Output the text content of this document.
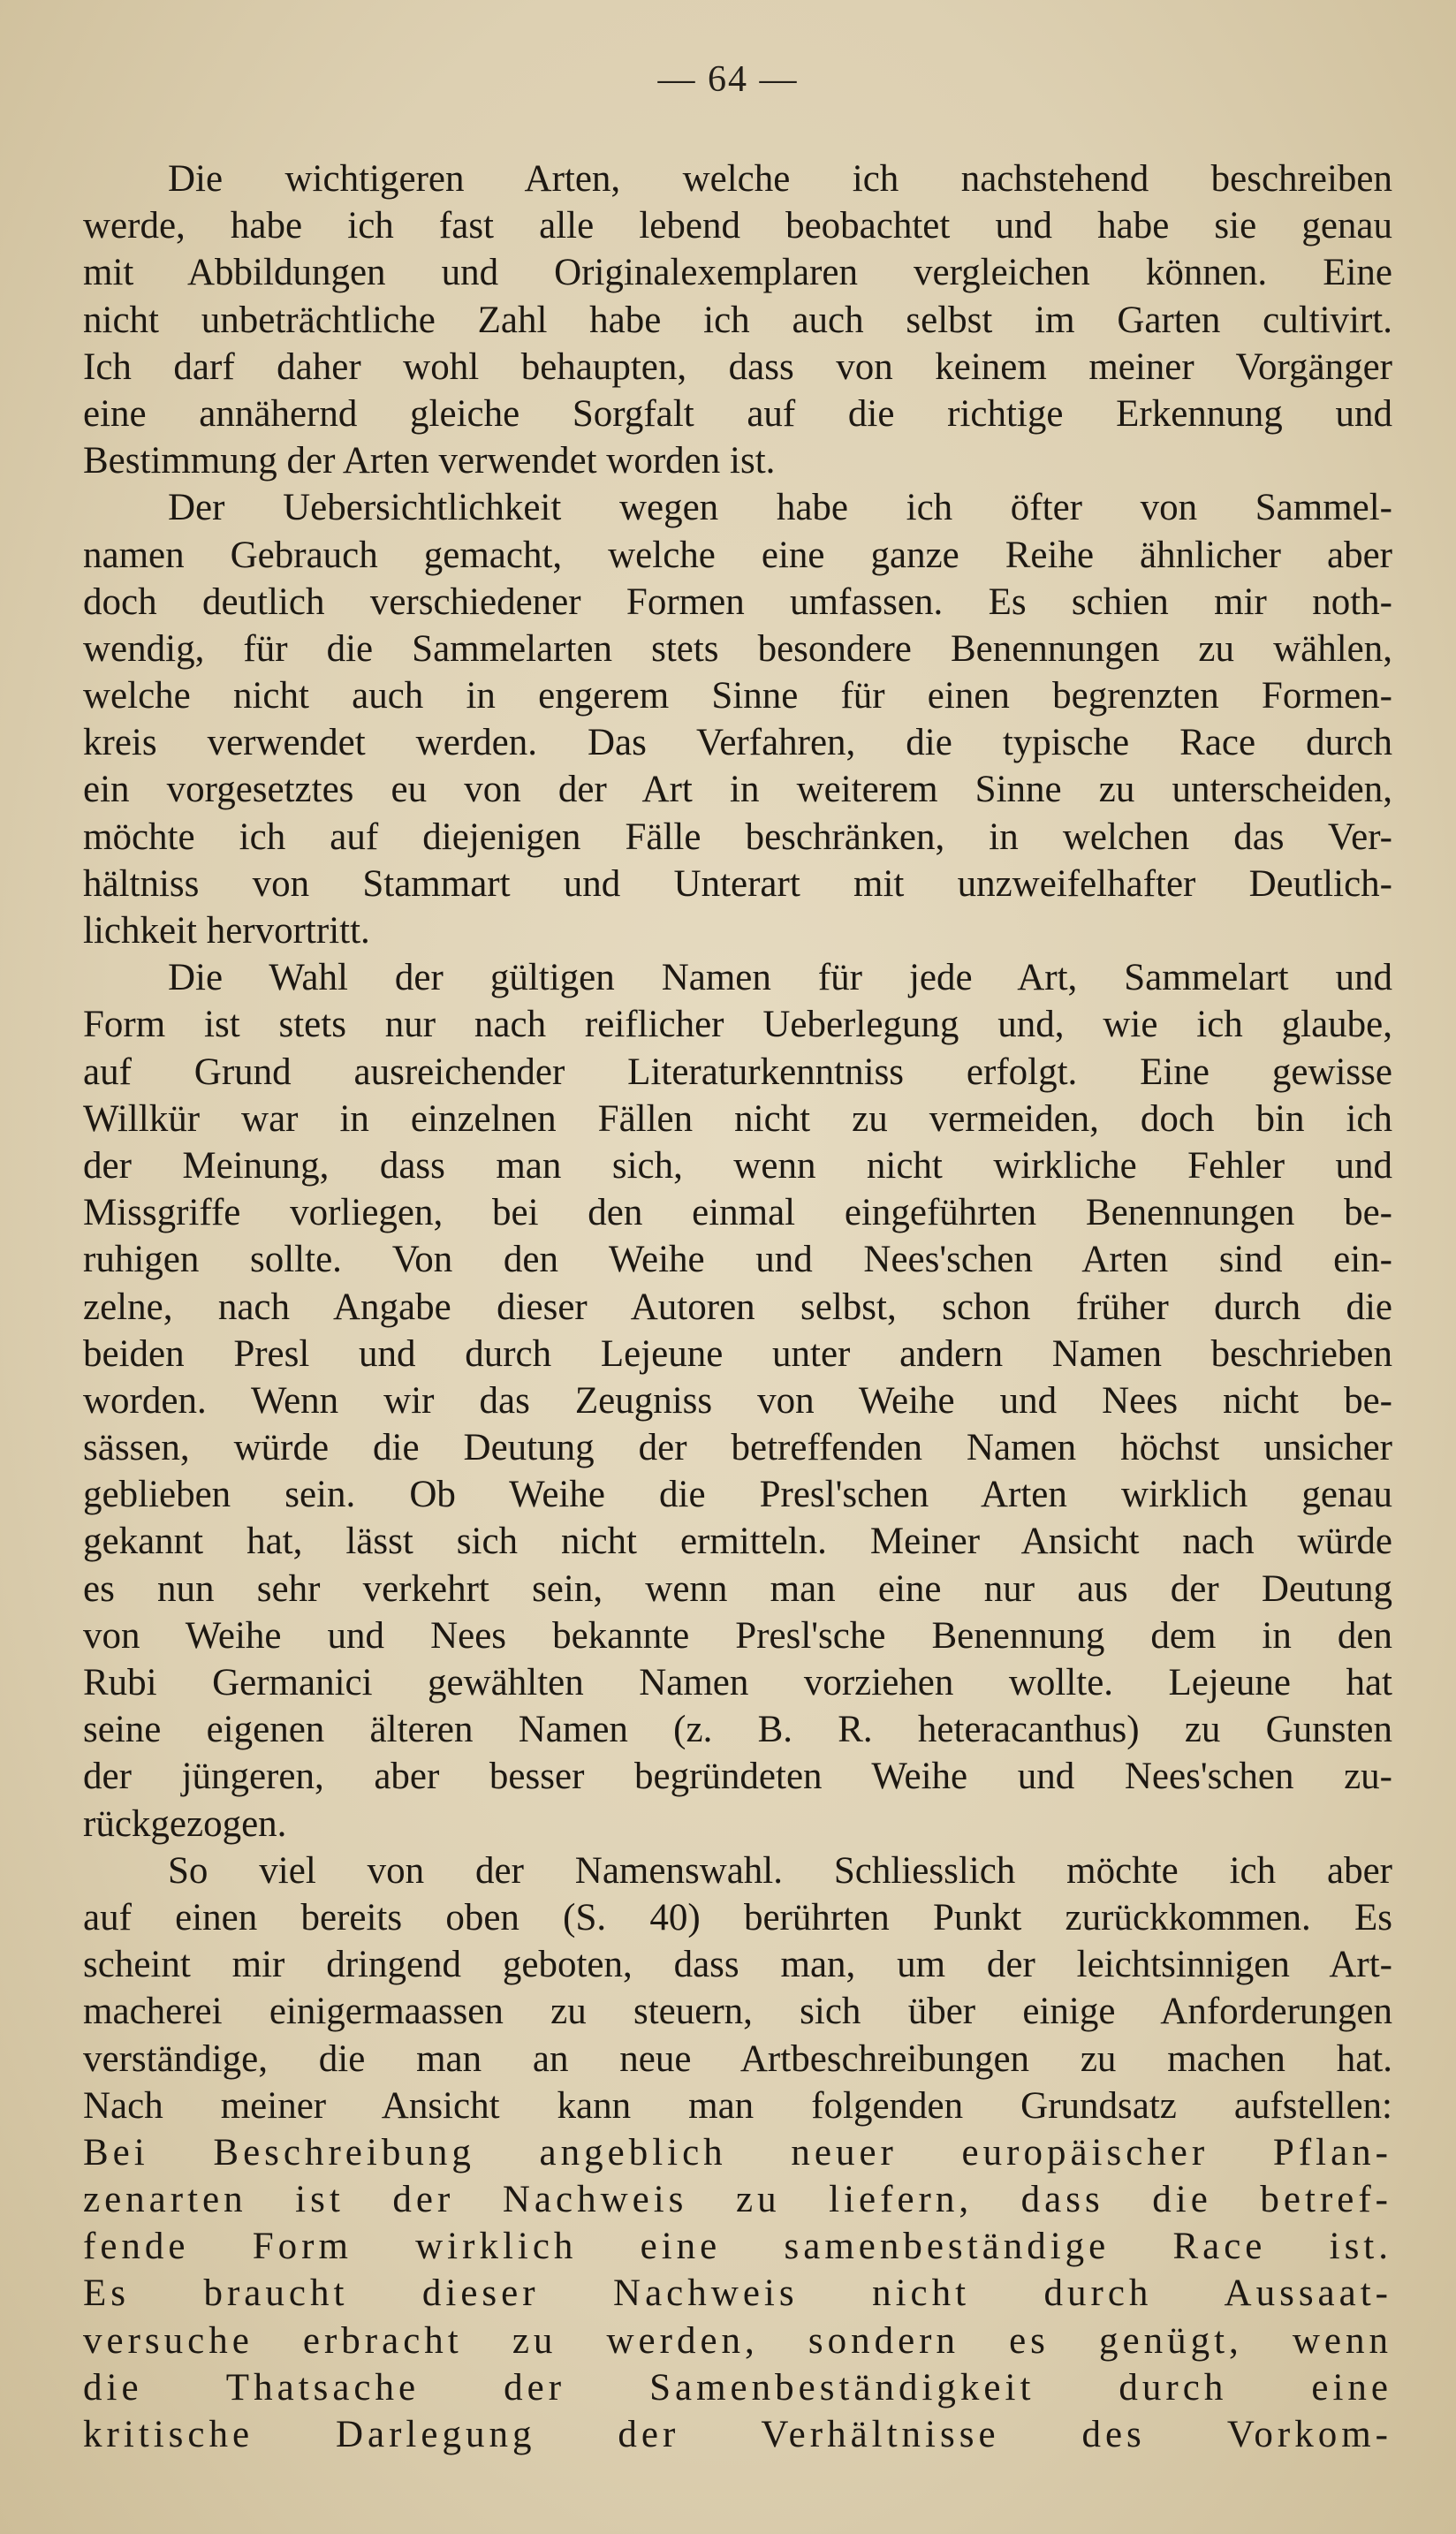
— 64 —
Die wichtigeren Arten, welche ich nachstehend beschreiben
werde, habe ich fast alle lebend beobachtet und habe sie genau
mit Abbildungen und Originalexemplaren vergleichen können. Eine
nicht unbeträchtliche Zahl habe ich auch selbst im Garten cultivirt.
Ich darf daher wohl behaupten, dass von keinem meiner Vorgänger
eine annähernd gleiche Sorgfalt auf die richtige Erkennung und
Bestimmung der Arten verwendet worden ist.
Der Uebersichtlichkeit wegen habe ich öfter von Sammel-
namen Gebrauch gemacht, welche eine ganze Reihe ähnlicher aber
doch deutlich verschiedener Formen umfassen. Es schien mir noth-
wendig, für die Sammelarten stets besondere Benennungen zu wählen,
welche nicht auch in engerem Sinne für einen begrenzten Formen-
kreis verwendet werden. Das Verfahren, die typische Race durch
ein vorgesetztes eu von der Art in weiterem Sinne zu unterscheiden,
möchte ich auf diejenigen Fälle beschränken, in welchen das Ver-
hältniss von Stammart und Unterart mit unzweifelhafter Deutlich-
lichkeit hervortritt.
Die Wahl der gültigen Namen für jede Art, Sammelart und
Form ist stets nur nach reiflicher Ueberlegung und, wie ich glaube,
auf Grund ausreichender Literaturkenntniss erfolgt. Eine gewisse
Willkür war in einzelnen Fällen nicht zu vermeiden, doch bin ich
der Meinung, dass man sich, wenn nicht wirkliche Fehler und
Missgriffe vorliegen, bei den einmal eingeführten Benennungen be-
ruhigen sollte. Von den Weihe und Nees'schen Arten sind ein-
zelne, nach Angabe dieser Autoren selbst, schon früher durch die
beiden Presl und durch Lejeune unter andern Namen beschrieben
worden. Wenn wir das Zeugniss von Weihe und Nees nicht be-
sässen, würde die Deutung der betreffenden Namen höchst unsicher
geblieben sein. Ob Weihe die Presl'schen Arten wirklich genau
gekannt hat, lässt sich nicht ermitteln. Meiner Ansicht nach würde
es nun sehr verkehrt sein, wenn man eine nur aus der Deutung
von Weihe und Nees bekannte Presl'sche Benennung dem in den
Rubi Germanici gewählten Namen vorziehen wollte. Lejeune hat
seine eigenen älteren Namen (z. B. R. heteracanthus) zu Gunsten
der jüngeren, aber besser begründeten Weihe und Nees'schen zu-
rückgezogen.
So viel von der Namenswahl. Schliesslich möchte ich aber
auf einen bereits oben (S. 40) berührten Punkt zurückkommen. Es
scheint mir dringend geboten, dass man, um der leichtsinnigen Art-
macherei einigermaassen zu steuern, sich über einige Anforderungen
verständige, die man an neue Artbeschreibungen zu machen hat.
Nach meiner Ansicht kann man folgenden Grundsatz aufstellen:
Bei Beschreibung angeblich neuer europäischer Pflan-
zenarten ist der Nachweis zu liefern, dass die betref-
fende Form wirklich eine samenbeständige Race ist.
Es braucht dieser Nachweis nicht durch Aussaat-
versuche erbracht zu werden, sondern es genügt, wenn
die Thatsache der Samenbeständigkeit durch eine
kritische Darlegung der Verhältnisse des Vorkom-
